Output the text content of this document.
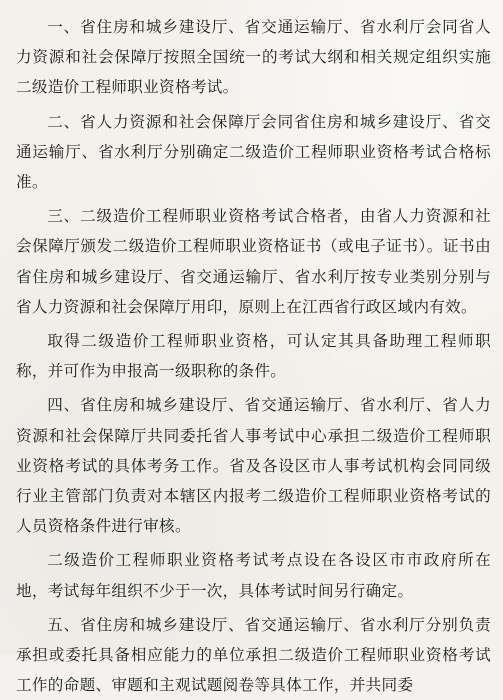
一、省住房和城乡建设厅、省交通运输厅、省水利厅会同省人力资源和社会保障厅按照全国统一的考试大纲和相关规定组织实施二级造价工程师职业资格考试。

二、省人力资源和社会保障厅会同省住房和城乡建设厅、省交通运输厅、省水利厅分别确定二级造价工程师职业资格考试合格标准。

三、二级造价工程师职业资格考试合格者，由省人力资源和社会保障厅颁发二级造价工程师职业资格证书（或电子证书）。证书由省住房和城乡建设厅、省交通运输厅、省水利厅按专业类别分别与省人力资源和社会保障厅用印，原则上在江西省行政区域内有效。

取得二级造价工程师职业资格，可认定其具备助理工程师职称，并可作为申报高一级职称的条件。

四、省住房和城乡建设厅、省交通运输厅、省水利厅、省人力资源和社会保障厅共同委托省人事考试中心承担二级造价工程师职业资格考试的具体考务工作。省及各设区市人事考试机构会同同级行业主管部门负责对本辖区内报考二级造价工程师职业资格考试的人员资格条件进行审核。

二级造价工程师职业资格考试考点设在各设区市市政府所在地，考试每年组织不少于一次，具体考试时间另行确定。

五、省住房和城乡建设厅、省交通运输厅、省水利厅分别负责承担或委托具备相应能力的单位承担二级造价工程师职业资格考试工作的命题、审题和主观试题阅卷等具体工作，并共同委
